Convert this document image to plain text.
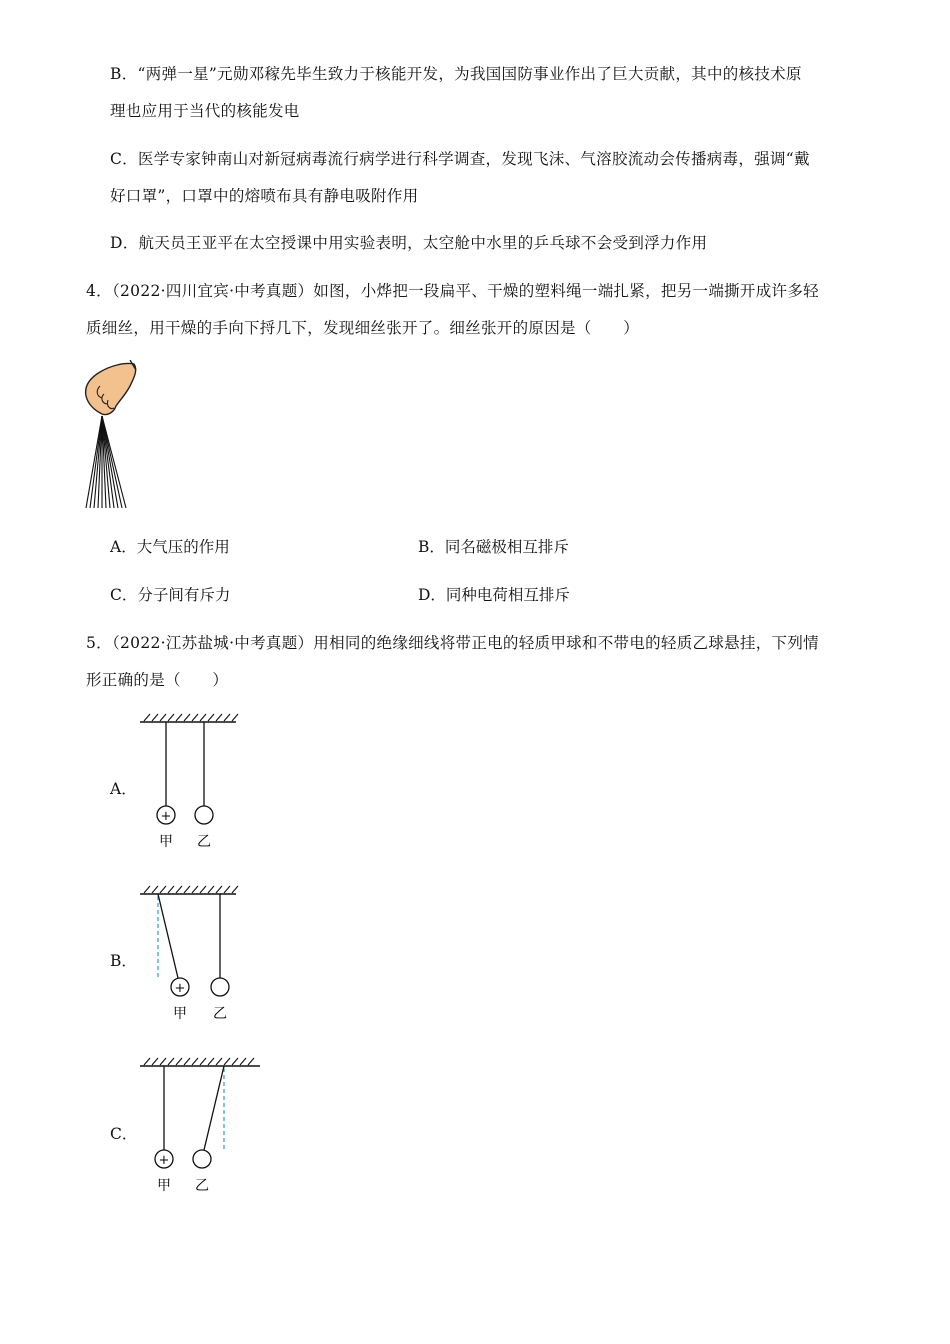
B．“两弹一星”元勋邓稼先毕生致力于核能开发，为我国国防事业作出了巨大贡献，其中的核技术原
理也应用于当代的核能发电
C．医学专家钟南山对新冠病毒流行病学进行科学调查，发现飞沫、气溶胶流动会传播病毒，强调“戴
好口罩”，口罩中的熔喷布具有静电吸附作用
D．航天员王亚平在太空授课中用实验表明，太空舱中水里的乒乓球不会受到浮力作用
4．（2022·四川宜宾·中考真题）如图，小烨把一段扁平、干燥的塑料绳一端扎紧，把另一端撕开成许多轻
质细丝，用干燥的手向下捋几下，发现细丝张开了。细丝张开的原因是（　　）
A．大气压的作用	B．同名磁极相互排斥
C．分子间有斥力	D．同种电荷相互排斥
5．（2022·江苏盐城·中考真题）用相同的绝缘细线将带正电的轻质甲球和不带电的轻质乙球悬挂，下列情
形正确的是（　　）
A．
+
甲 乙
B．
+
甲 乙
C．
+
甲 乙
